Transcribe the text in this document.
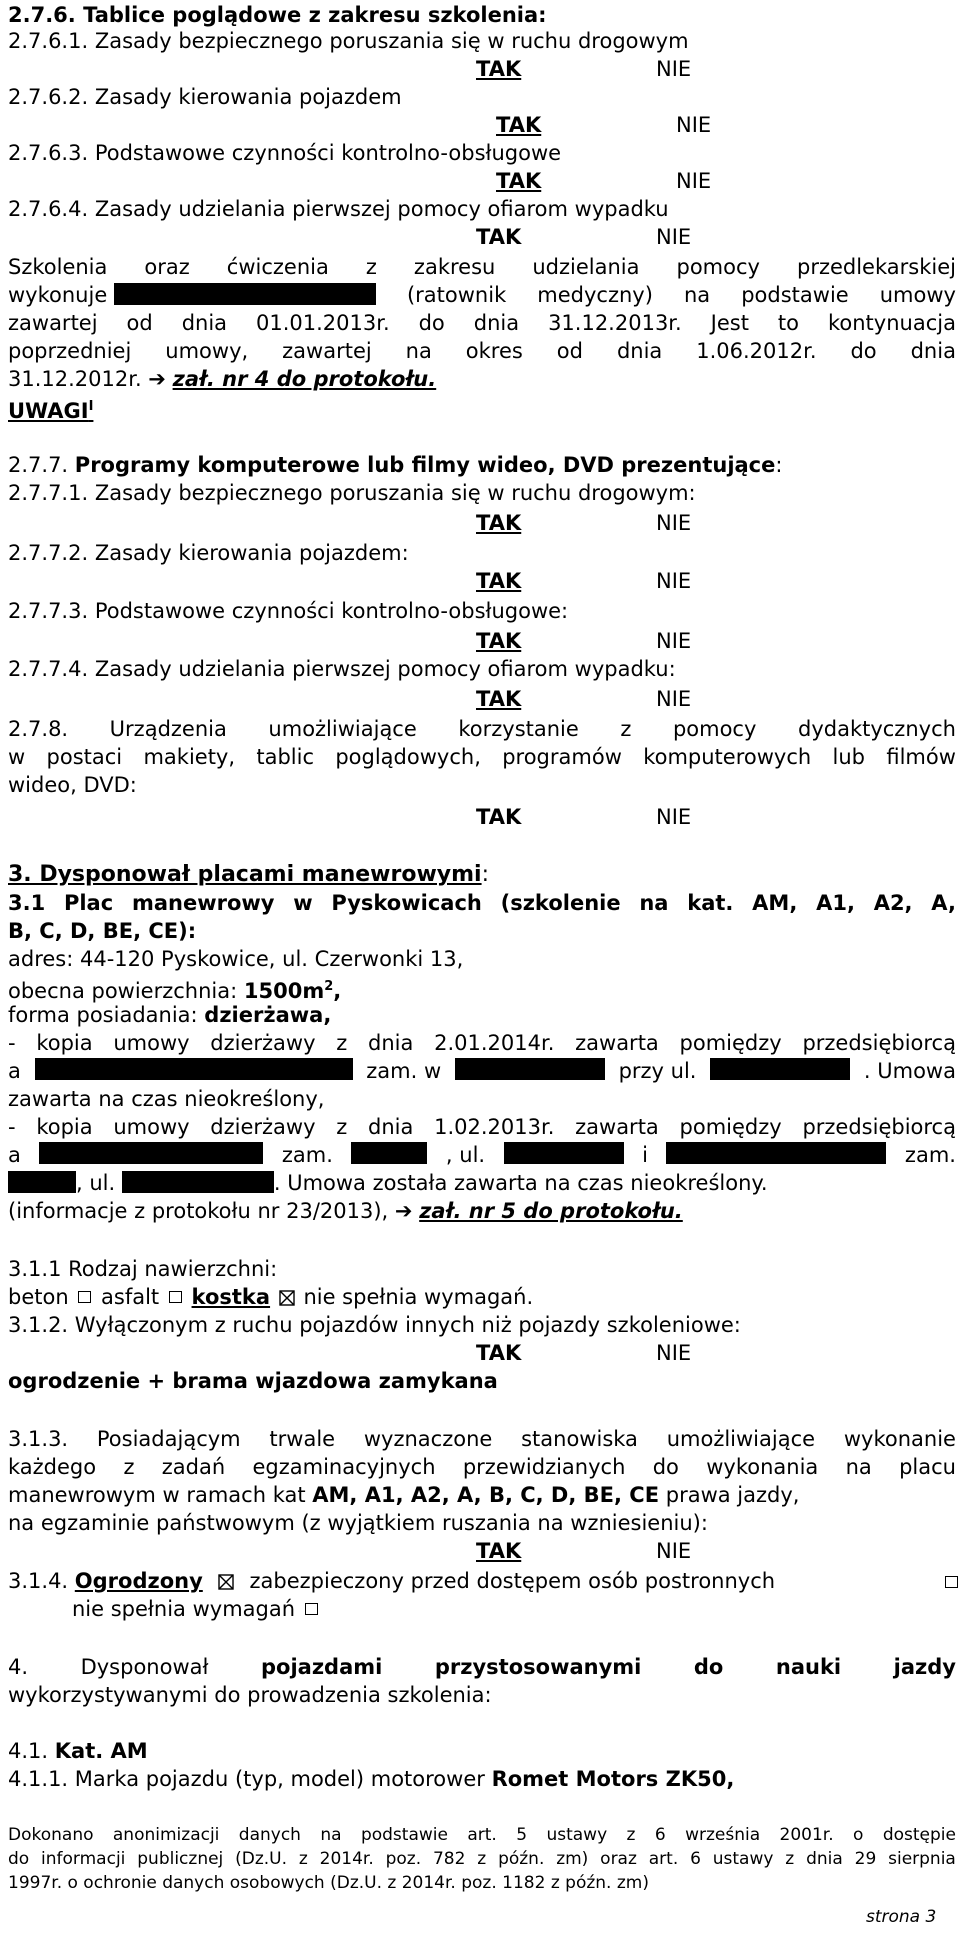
2.7.6. Tablice poglądowe z zakresu szkolenia:
2.7.6.1. Zasady bezpiecznego poruszania się w ruchu drogowym
TAK	NIE
2.7.6.2. Zasady kierowania pojazdem
TAK	NIE
2.7.6.3. Podstawowe czynności kontrolno-obsługowe
TAK	NIE
2.7.6.4. Zasady udzielania pierwszej pomocy ofiarom wypadku
TAK	NIE
Szkolenia oraz ćwiczenia z zakresu udzielania pomocy przedlekarskiej
wykonuje	(ratownik medyczny) na podstawie umowy
zawartej od dnia 01.01.2013r. do dnia 31.12.2013r. Jest to kontynuacja
poprzedniej umowy, zawartej na okres od dnia 1.06.2012r. do dnia
31.12.2012r. ➔ zał. nr 4 do protokołu.
$UWAGI^I$
2.7.7. Programy komputerowe lub filmy wideo, DVD prezentujące:
2.7.7.1. Zasady bezpiecznego poruszania się w ruchu drogowym:
TAK	NIE
2.7.7.2. Zasady kierowania pojazdem:
TAK	NIE
2.7.7.3. Podstawowe czynności kontrolno-obsługowe:
TAK	NIE
2.7.7.4. Zasady udzielania pierwszej pomocy ofiarom wypadku:
TAK	NIE
2.7.8. Urządzenia umożliwiające korzystanie z pomocy dydaktycznych
w postaci makiety, tablic poglądowych, programów komputerowych lub filmów
wideo, DVD:
TAK	NIE
3. Dysponował placami manewrowymi:
3.1 Plac manewrowy w Pyskowicach (szkolenie na kat. AM, A1, A2, A,
B, C, D, BE, CE):
adres: 44-120 Pyskowice, ul. Czerwonki 13,
obecna powierzchnia: $1500m^2$,
forma posiadania: dzierżawa,
- kopia umowy dzierżawy z dnia 2.01.2014r. zawarta pomiędzy przedsiębiorcą
a	zam. w	przy ul.	. Umowa
zawarta na czas nieokreślony,
- kopia umowy dzierżawy z dnia 1.02.2013r. zawarta pomiędzy przedsiębiorcą
a	zam.	, ul.	i	zam.
, ul.	. Umowa została zawarta na czas nieokreślony.
(informacje z protokołu nr 23/2013), ➔ zał. nr 5 do protokołu.
3.1.1 Rodzaj nawierzchni:
beton asfalt kostka nie spełnia wymagań.
3.1.2. Wyłączonym z ruchu pojazdów innych niż pojazdy szkoleniowe:
TAK	NIE
ogrodzenie + brama wjazdowa zamykana
3.1.3. Posiadającym trwale wyznaczone stanowiska umożliwiające wykonanie
każdego z zadań egzaminacyjnych przewidzianych do wykonania na placu
manewrowym w ramach kat AM, A1, A2, A, B, C, D, BE, CE prawa jazdy,
na egzaminie państwowym (z wyjątkiem ruszania na wzniesieniu):
TAK	NIE
3.1.4. Ogrodzony zabezpieczony przed dostępem osób postronnych
nie spełnia wymagań
4.	Dysponował	pojazdami	przystosowanymi	do	nauki	jazdy
wykorzystywanymi do prowadzenia szkolenia:
4.1. Kat. AM
4.1.1. Marka pojazdu (typ, model) motorower Romet Motors ZK50,
Dokonano anonimizacji danych na podstawie art. 5 ustawy z 6 września 2001r. o dostępie
do informacji publicznej (Dz.U. z 2014r. poz. 782 z późn. zm) oraz art. 6 ustawy z dnia 29 sierpnia
1997r. o ochronie danych osobowych (Dz.U. z 2014r. poz. 1182 z późn. zm)
strona 3
